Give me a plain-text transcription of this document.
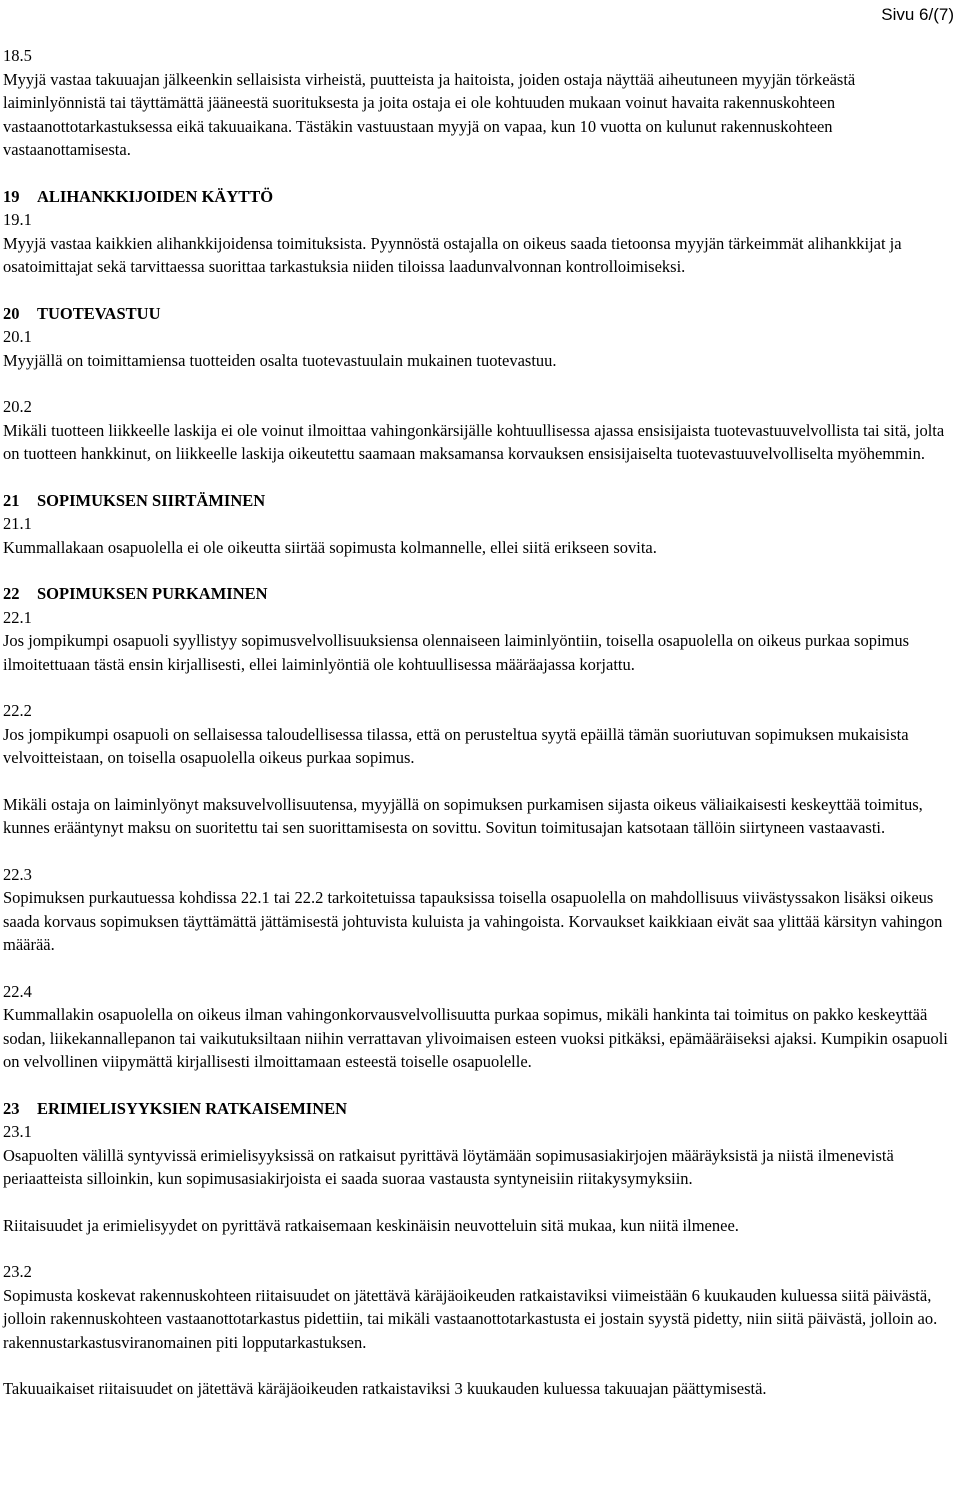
Sivu 6/(7)
18.5
Myyjä vastaa takuuajan jälkeenkin sellaisista virheistä, puutteista ja haitoista, joiden ostaja näyttää aiheutuneen myyjän törkeästä laiminlyönnistä tai täyttämättä jääneestä suorituksesta ja joita ostaja ei ole kohtuuden mukaan voinut havaita rakennuskohteen vastaanottotarkastuksessa eikä takuuaikana. Tästäkin vastuustaan myyjä on vapaa, kun 10 vuotta on kulunut rakennuskohteen vastaanottamisesta.
19 ALIHANKKIJOIDEN KÄYTTÖ
19.1
Myyjä vastaa kaikkien alihankkijoidensa toimituksista. Pyynnöstä ostajalla on oikeus saada tietoonsa myyjän tärkeimmät alihankkijat ja osatoimittajat sekä tarvittaessa suorittaa tarkastuksia niiden tiloissa laadunvalvonnan kontrolloimiseksi.
20 TUOTEVASTUU
20.1
Myyjällä on toimittamiensa tuotteiden osalta tuotevastuulain mukainen tuotevastuu.
20.2
Mikäli tuotteen liikkeelle laskija ei ole voinut ilmoittaa vahingonkärsijälle kohtuullisessa ajassa ensisijaista tuotevastuuvelvollista tai sitä, jolta on tuotteen hankkinut, on liikkeelle laskija oikeutettu saamaan maksamansa korvauksen ensisijaiselta tuotevastuuvelvolliselta myöhemmin.
21 SOPIMUKSEN SIIRTÄMINEN
21.1
Kummallakaan osapuolella ei ole oikeutta siirtää sopimusta kolmannelle, ellei siitä erikseen sovita.
22 SOPIMUKSEN PURKAMINEN
22.1
Jos jompikumpi osapuoli syyllistyy sopimusvelvollisuuksiensa olennaiseen laiminlyöntiin, toisella osapuolella on oikeus purkaa sopimus ilmoitettuaan tästä ensin kirjallisesti, ellei laiminlyöntiä ole kohtuullisessa määräajassa korjattu.
22.2
Jos jompikumpi osapuoli on sellaisessa taloudellisessa tilassa, että on perusteltua syytä epäillä tämän suoriutuvan sopimuksen mukaisista velvoitteistaan, on toisella osapuolella oikeus purkaa sopimus.
Mikäli ostaja on laiminlyönyt maksuvelvollisuutensa, myyjällä on sopimuksen purkamisen sijasta oikeus väliaikaisesti keskeyttää toimitus, kunnes erääntynyt maksu on suoritettu tai sen suorittamisesta on sovittu. Sovitun toimitusajan katsotaan tällöin siirtyneen vastaavasti.
22.3
Sopimuksen purkautuessa kohdissa 22.1 tai 22.2 tarkoitetuissa tapauksissa toisella osapuolella on mahdollisuus viivästyssakon lisäksi oikeus saada korvaus sopimuksen täyttämättä jättämisestä johtuvista kuluista ja vahingoista. Korvaukset kaikkiaan eivät saa ylittää kärsityn vahingon määrää.
22.4
Kummallakin osapuolella on oikeus ilman vahingonkorvausvelvollisuutta purkaa sopimus, mikäli hankinta tai toimitus on pakko keskeyttää sodan, liikekannallepanon tai vaikutuksiltaan niihin verrattavan ylivoimaisen esteen vuoksi pitkäksi, epämääräiseksi ajaksi. Kumpikin osapuoli on velvollinen viipymättä kirjallisesti ilmoittamaan esteestä toiselle osapuolelle.
23 ERIMIELISYYKSIEN RATKAISEMINEN
23.1
Osapuolten välillä syntyvissä erimielisyyksissä on ratkaisut pyrittävä löytämään sopimusasiakirjojen määräyksistä ja niistä ilmenevistä periaatteista silloinkin, kun sopimusasiakirjoista ei saada suoraa vastausta syntyneisiin riitakysymyksiin.
Riitaisuudet ja erimielisyydet on pyrittävä ratkaisemaan keskinäisin neuvotteluin sitä mukaa, kun niitä ilmenee.
23.2
Sopimusta koskevat rakennuskohteen riitaisuudet on jätettävä käräjäoikeuden ratkaistaviksi viimeistään 6 kuukauden kuluessa siitä päivästä, jolloin rakennuskohteen vastaanottotarkastus pidettiin, tai mikäli vastaanottotarkastusta ei jostain syystä pidetty, niin siitä päivästä, jolloin ao. rakennustarkastusviranomainen piti lopputarkastuksen.
Takuuaikaiset riitaisuudet on jätettävä käräjäoikeuden ratkaistaviksi 3 kuukauden kuluessa takuuajan päättymisestä.
